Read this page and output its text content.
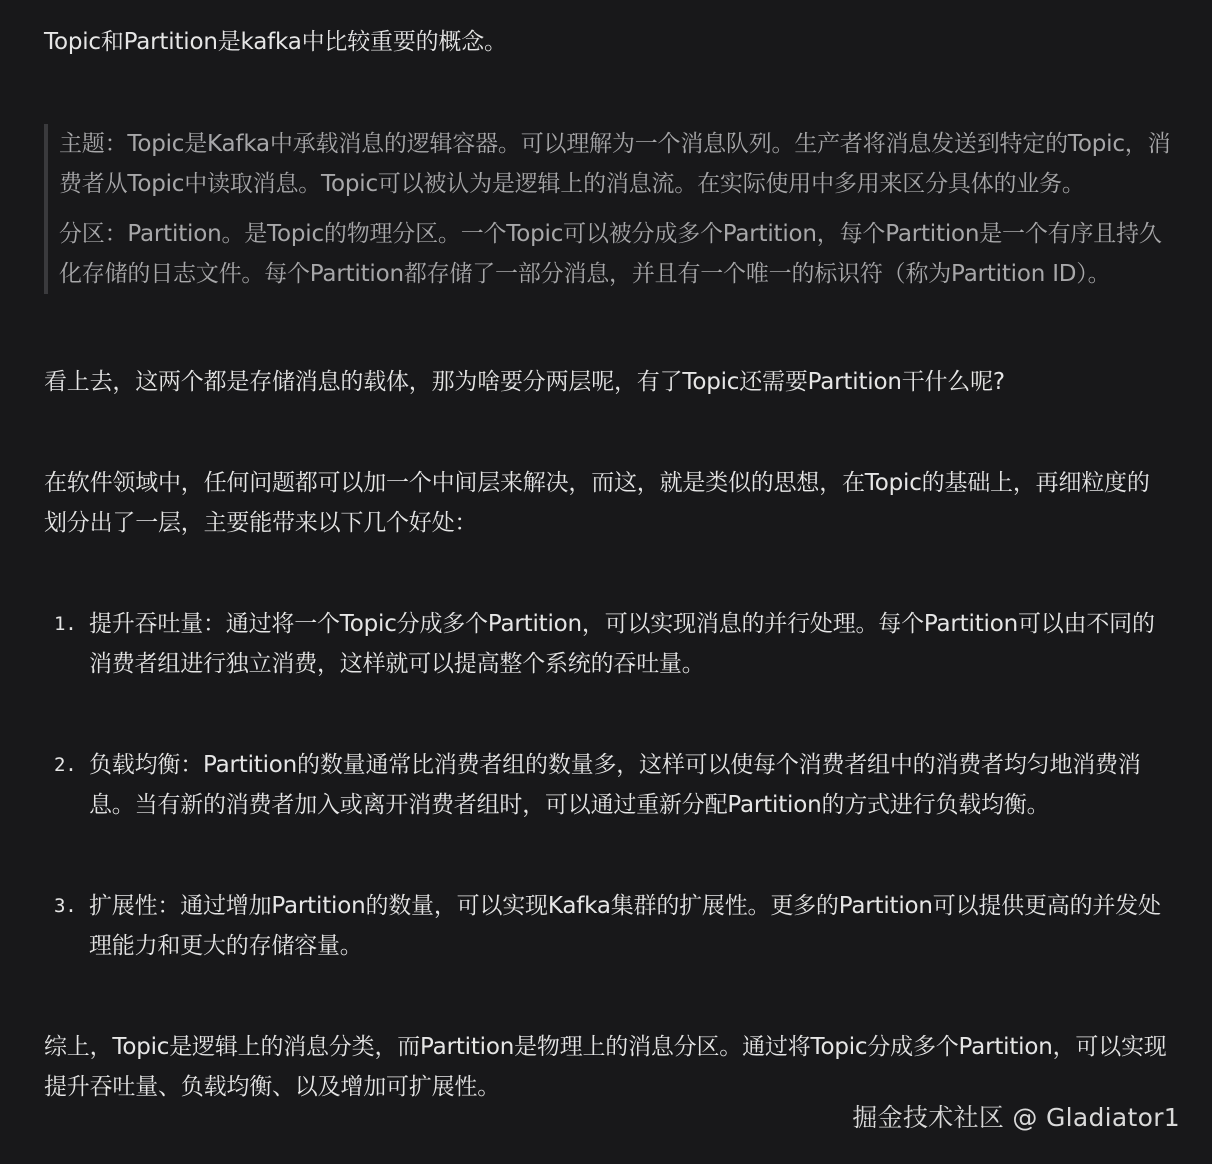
Topic和Partition是kafka中比较重要的概念。

主题：Topic是Kafka中承载消息的逻辑容器。可以理解为一个消息队列。生产者将消息发送到特定的Topic，消费者从Topic中读取消息。Topic可以被认为是逻辑上的消息流。在实际使用中多用来区分具体的业务。

分区：Partition。是Topic的物理分区。一个Topic可以被分成多个Partition，每个Partition是一个有序且持久化存储的日志文件。每个Partition都存储了一部分消息，并且有一个唯一的标识符（称为Partition ID）。

看上去，这两个都是存储消息的载体，那为啥要分两层呢，有了Topic还需要Partition干什么呢?

在软件领域中，任何问题都可以加一个中间层来解决，而这，就是类似的思想，在Topic的基础上，再细粒度的划分出了一层，主要能带来以下几个好处：

1. 提升吞吐量：通过将一个Topic分成多个Partition，可以实现消息的并行处理。每个Partition可以由不同的消费者组进行独立消费，这样就可以提高整个系统的吞吐量。
2. 负载均衡：Partition的数量通常比消费者组的数量多，这样可以使每个消费者组中的消费者均匀地消费消息。当有新的消费者加入或离开消费者组时，可以通过重新分配Partition的方式进行负载均衡。
3. 扩展性：通过增加Partition的数量，可以实现Kafka集群的扩展性。更多的Partition可以提供更高的并发处理能力和更大的存储容量。

综上，Topic是逻辑上的消息分类，而Partition是物理上的消息分区。通过将Topic分成多个Partition，可以实现提升吞吐量、负载均衡、以及增加可扩展性。

掘金技术社区 @ Gladiator1
